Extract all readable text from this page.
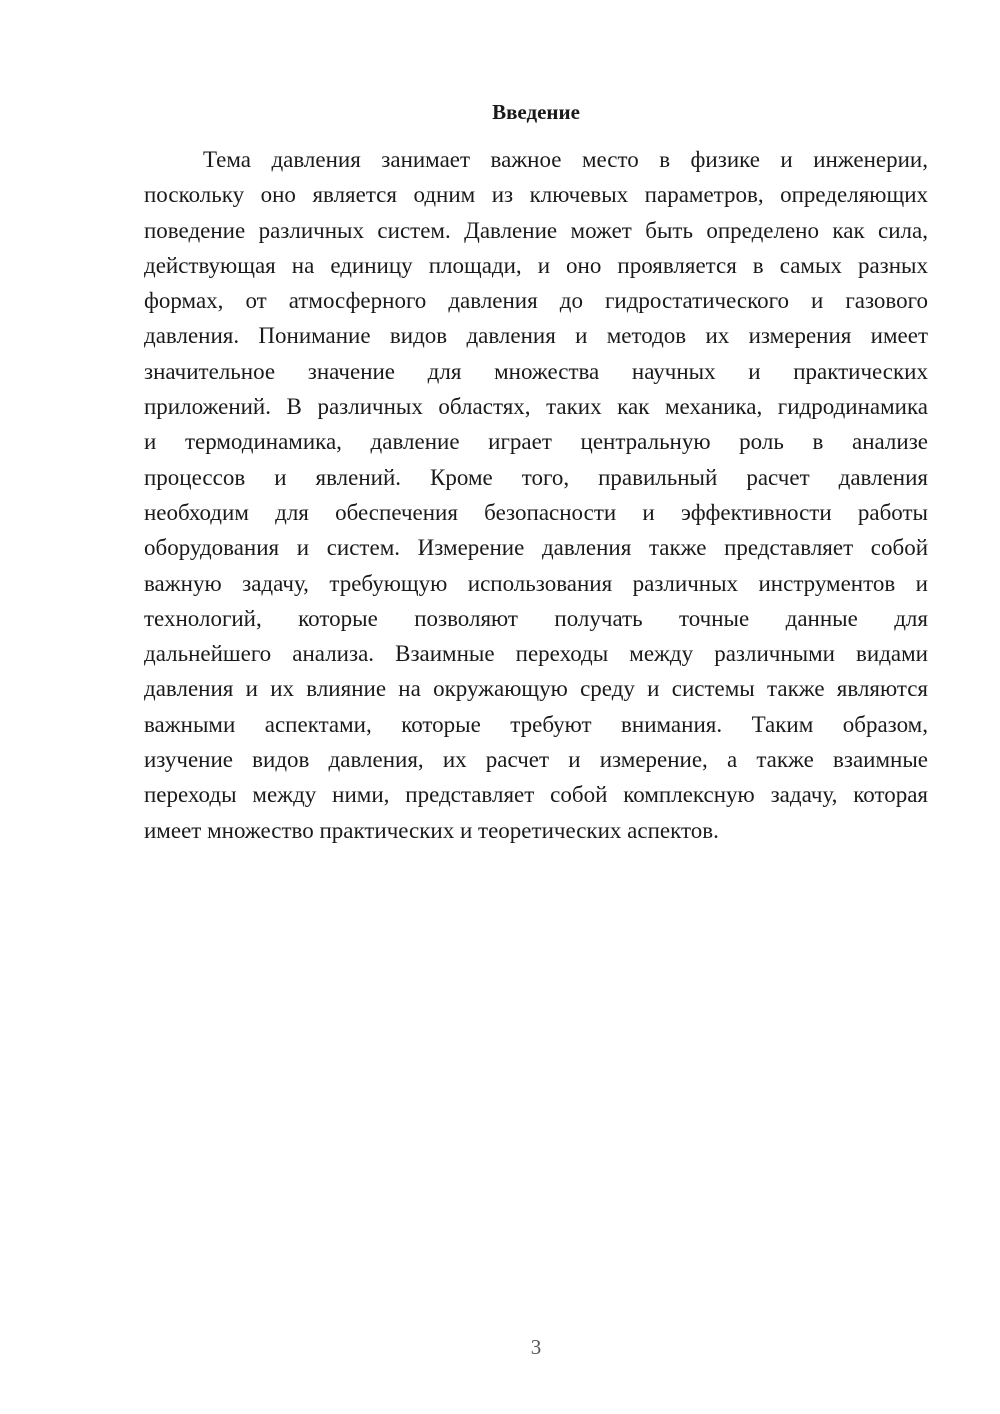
Введение
Тема давления занимает важное место в физике и инженерии,
поскольку оно является одним из ключевых параметров, определяющих
поведение различных систем. Давление может быть определено как сила,
действующая на единицу площади, и оно проявляется в самых разных
формах, от атмосферного давления до гидростатического и газового
давления. Понимание видов давления и методов их измерения имеет
значительное значение для множества научных и практических
приложений. В различных областях, таких как механика, гидродинамика
и термодинамика, давление играет центральную роль в анализе
процессов и явлений. Кроме того, правильный расчет давления
необходим для обеспечения безопасности и эффективности работы
оборудования и систем. Измерение давления также представляет собой
важную задачу, требующую использования различных инструментов и
технологий, которые позволяют получать точные данные для
дальнейшего анализа. Взаимные переходы между различными видами
давления и их влияние на окружающую среду и системы также являются
важными аспектами, которые требуют внимания. Таким образом,
изучение видов давления, их расчет и измерение, а также взаимные
переходы между ними, представляет собой комплексную задачу, которая
имеет множество практических и теоретических аспектов.
3
